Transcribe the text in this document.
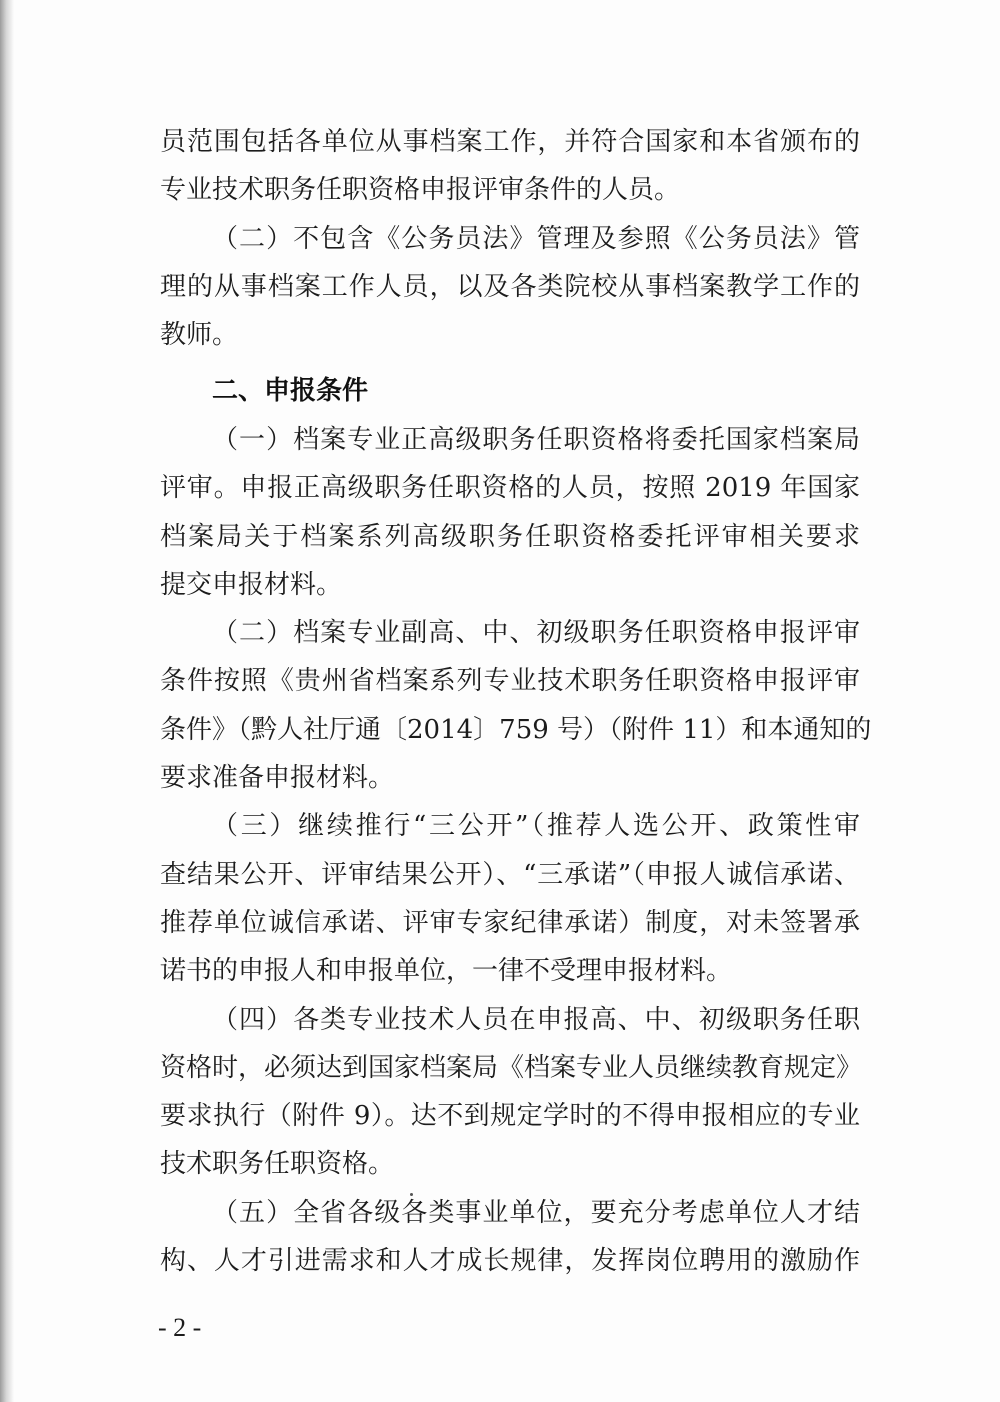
员范围包括各单位从事档案工作，并符合国家和本省颁布的
专业技术职务任职资格申报评审条件的人员。
（二）不包含《公务员法》管理及参照《公务员法》管
理的从事档案工作人员，以及各类院校从事档案教学工作的
教师。
二、申报条件
（一）档案专业正高级职务任职资格将委托国家档案局
评审。申报正高级职务任职资格的人员，按照 2019 年国家
档案局关于档案系列高级职务任职资格委托评审相关要求
提交申报材料。
（二）档案专业副高、中、初级职务任职资格申报评审
条件按照《贵州省档案系列专业技术职务任职资格申报评审
条件》（黔人社厅通〔2014〕759 号）（附件 11）和本通知的
要求准备申报材料。
（三）继续推行“三公开”（推荐人选公开、政策性审
查结果公开、评审结果公开）、“三承诺”（申报人诚信承诺、
推荐单位诚信承诺、评审专家纪律承诺）制度，对未签署承
诺书的申报人和申报单位，一律不受理申报材料。
（四）各类专业技术人员在申报高、中、初级职务任职
资格时，必须达到国家档案局《档案专业人员继续教育规定》
要求执行（附件 9）。达不到规定学时的不得申报相应的专业
技术职务任职资格。
（五）全省各级各类事业单位，要充分考虑单位人才结
构、人才引进需求和人才成长规律，发挥岗位聘用的激励作
- 2 -
